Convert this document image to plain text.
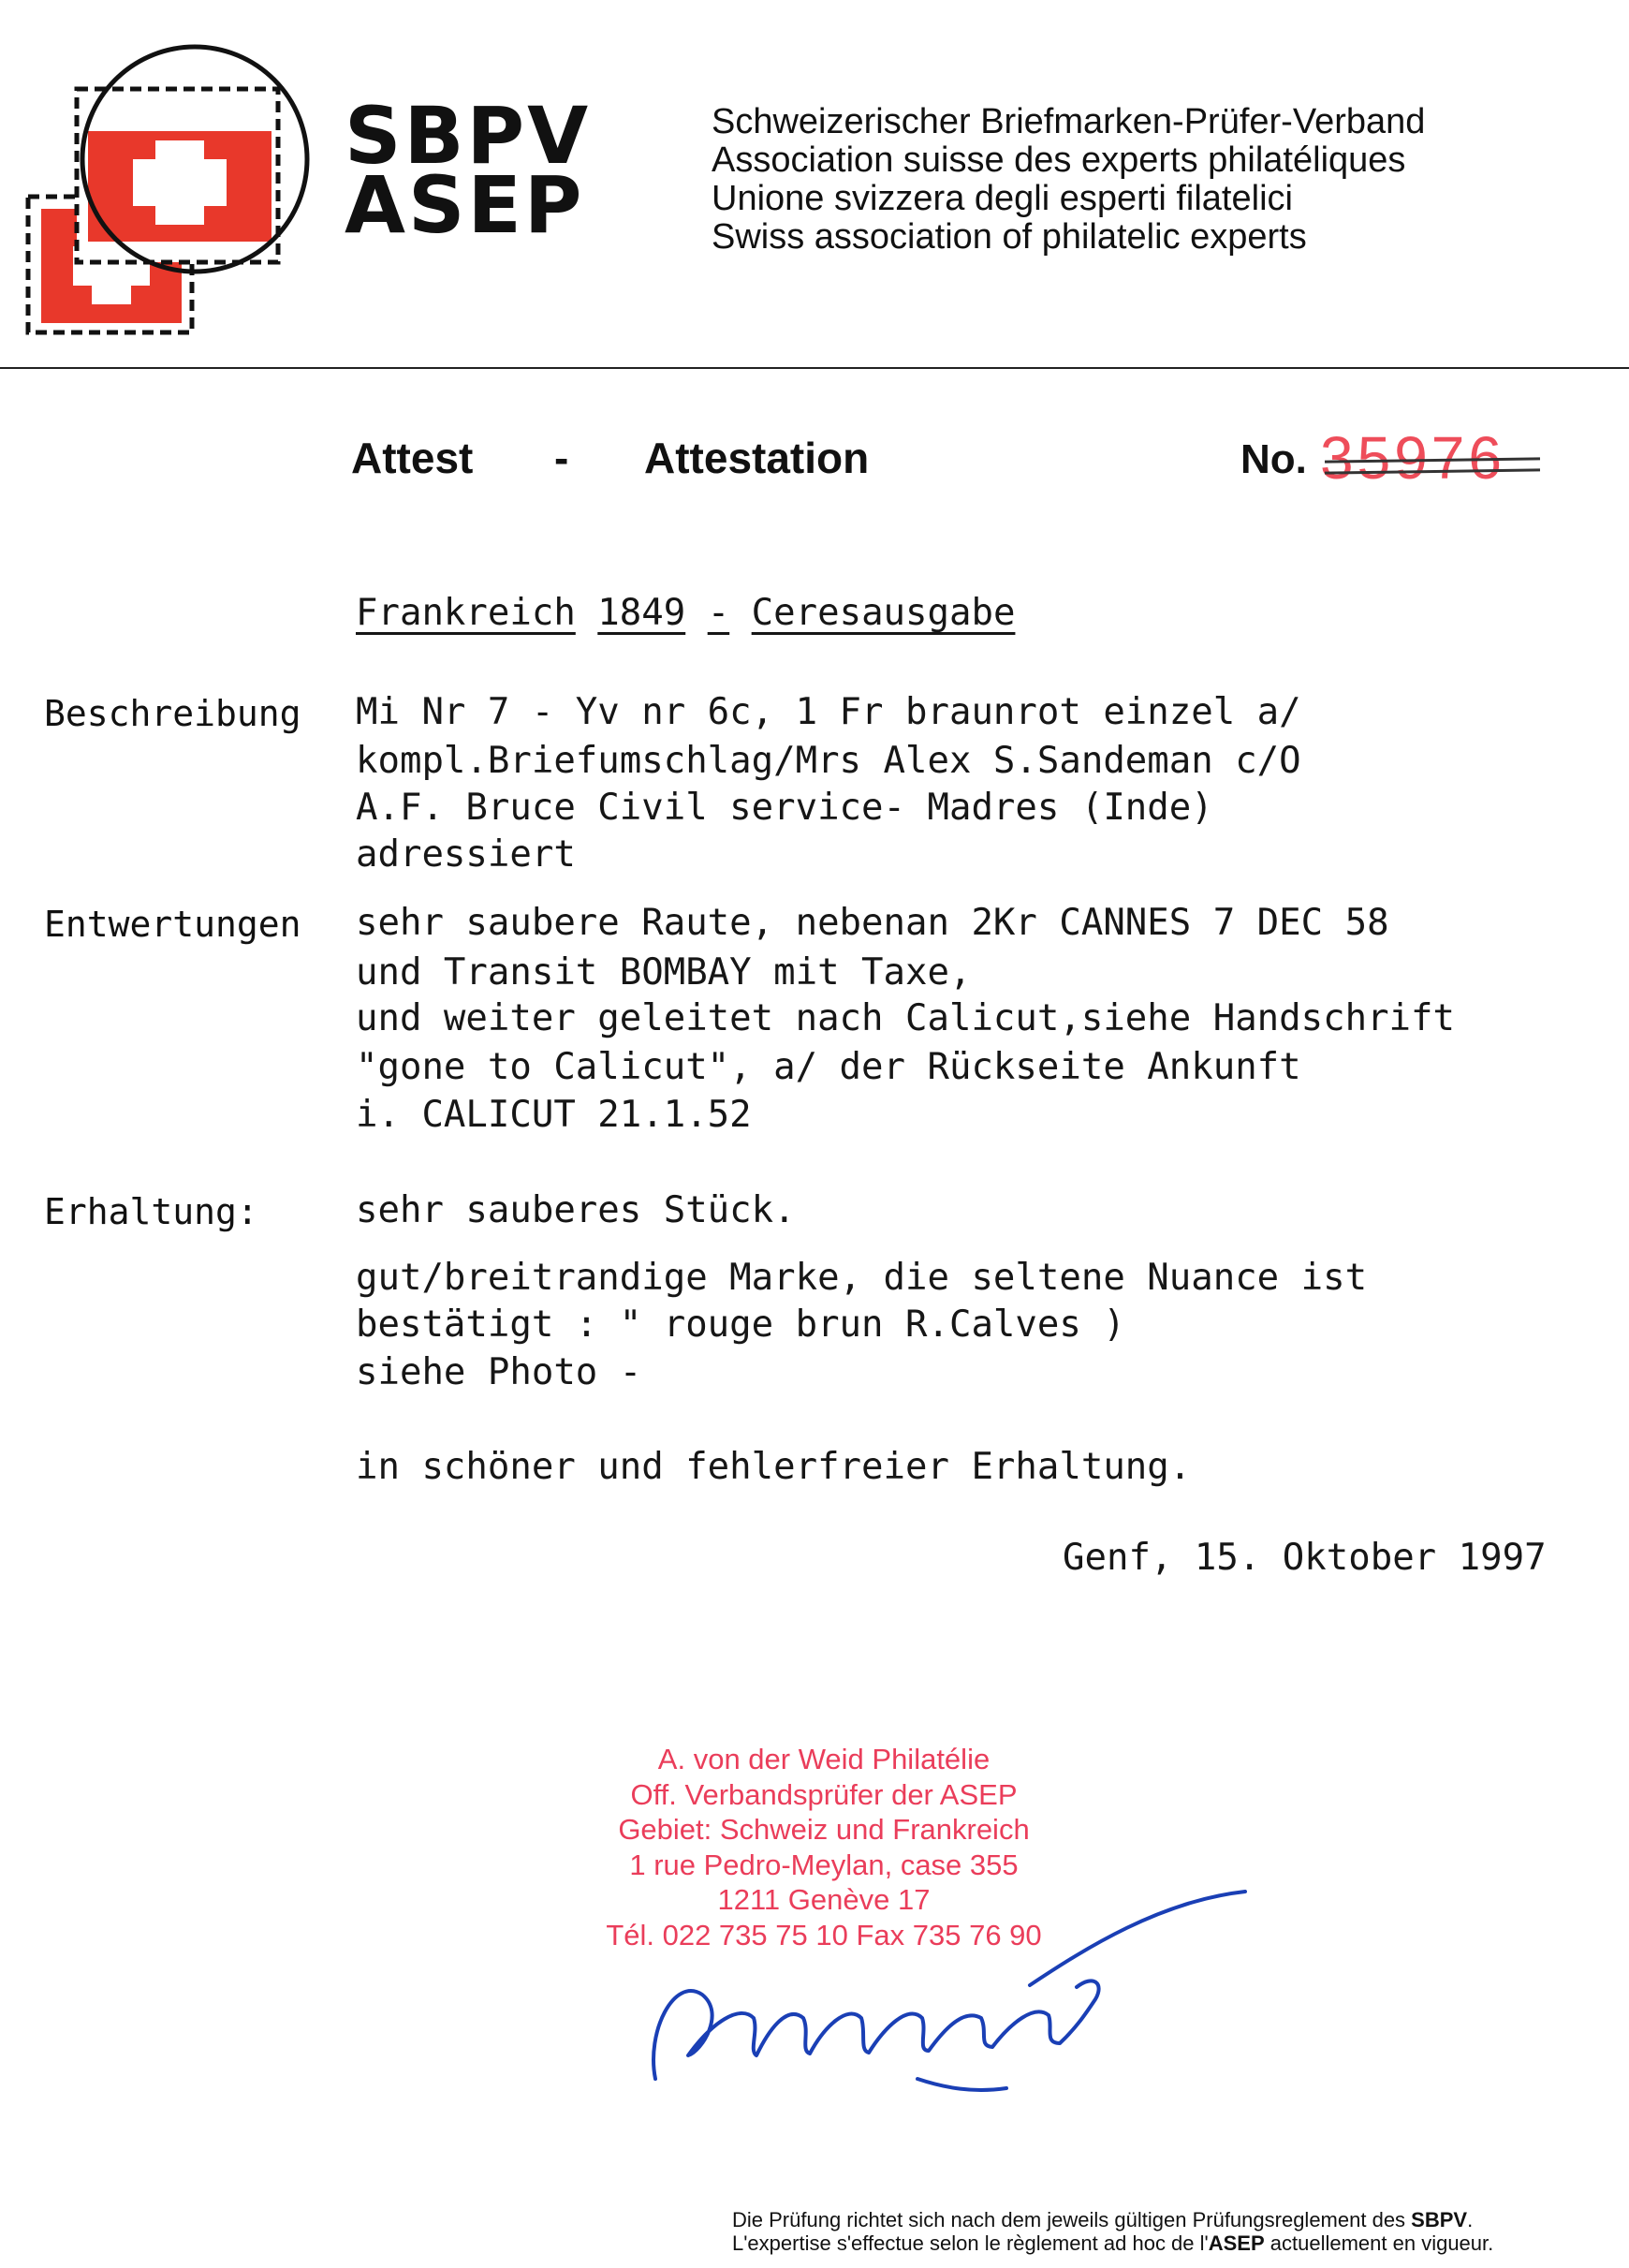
SBPV
ASEP
Schweizerischer Briefmarken-Prüfer-Verband
Association suisse des experts philatéliques
Unione svizzera degli esperti filatelici
Swiss association of philatelic experts
Attest - Attestation	No. 35976
Frankreich 1849 - Ceresausgabe
Beschreibung Mi Nr 7 - Yv nr 6c, 1 Fr braunrot einzel a/
kompl.Briefumschlag/Mrs Alex S.Sandeman c/O
A.F. Bruce Civil service- Madres (Inde)
adressiert
Entwertungen sehr saubere Raute, nebenan 2Kr CANNES 7 DEC 58
und Transit BOMBAY mit Taxe,
und weiter geleitet nach Calicut,siehe Handschrift
"gone to Calicut", a/ der Rückseite Ankunft
i. CALICUT 21.1.52
Erhaltung:	sehr sauberes Stück.
gut/breitrandige Marke, die seltene Nuance ist
bestätigt : " rouge brun R.Calves )
siehe Photo -
in schöner und fehlerfreier Erhaltung.
Genf, 15. Oktober 1997
A. von der Weid Philatélie
Off. Verbandsprüfer der ASEP
Gebiet: Schweiz und Frankreich
1 rue Pedro-Meylan, case 355
1211 Genève 17
Tél. 022 735 75 10 Fax 735 76 90
Die Prüfung richtet sich nach dem jeweils gültigen Prüfungsreglement des SBPV.
L'expertise s'effectue selon le règlement ad hoc de l'ASEP actuellement en vigueur.
